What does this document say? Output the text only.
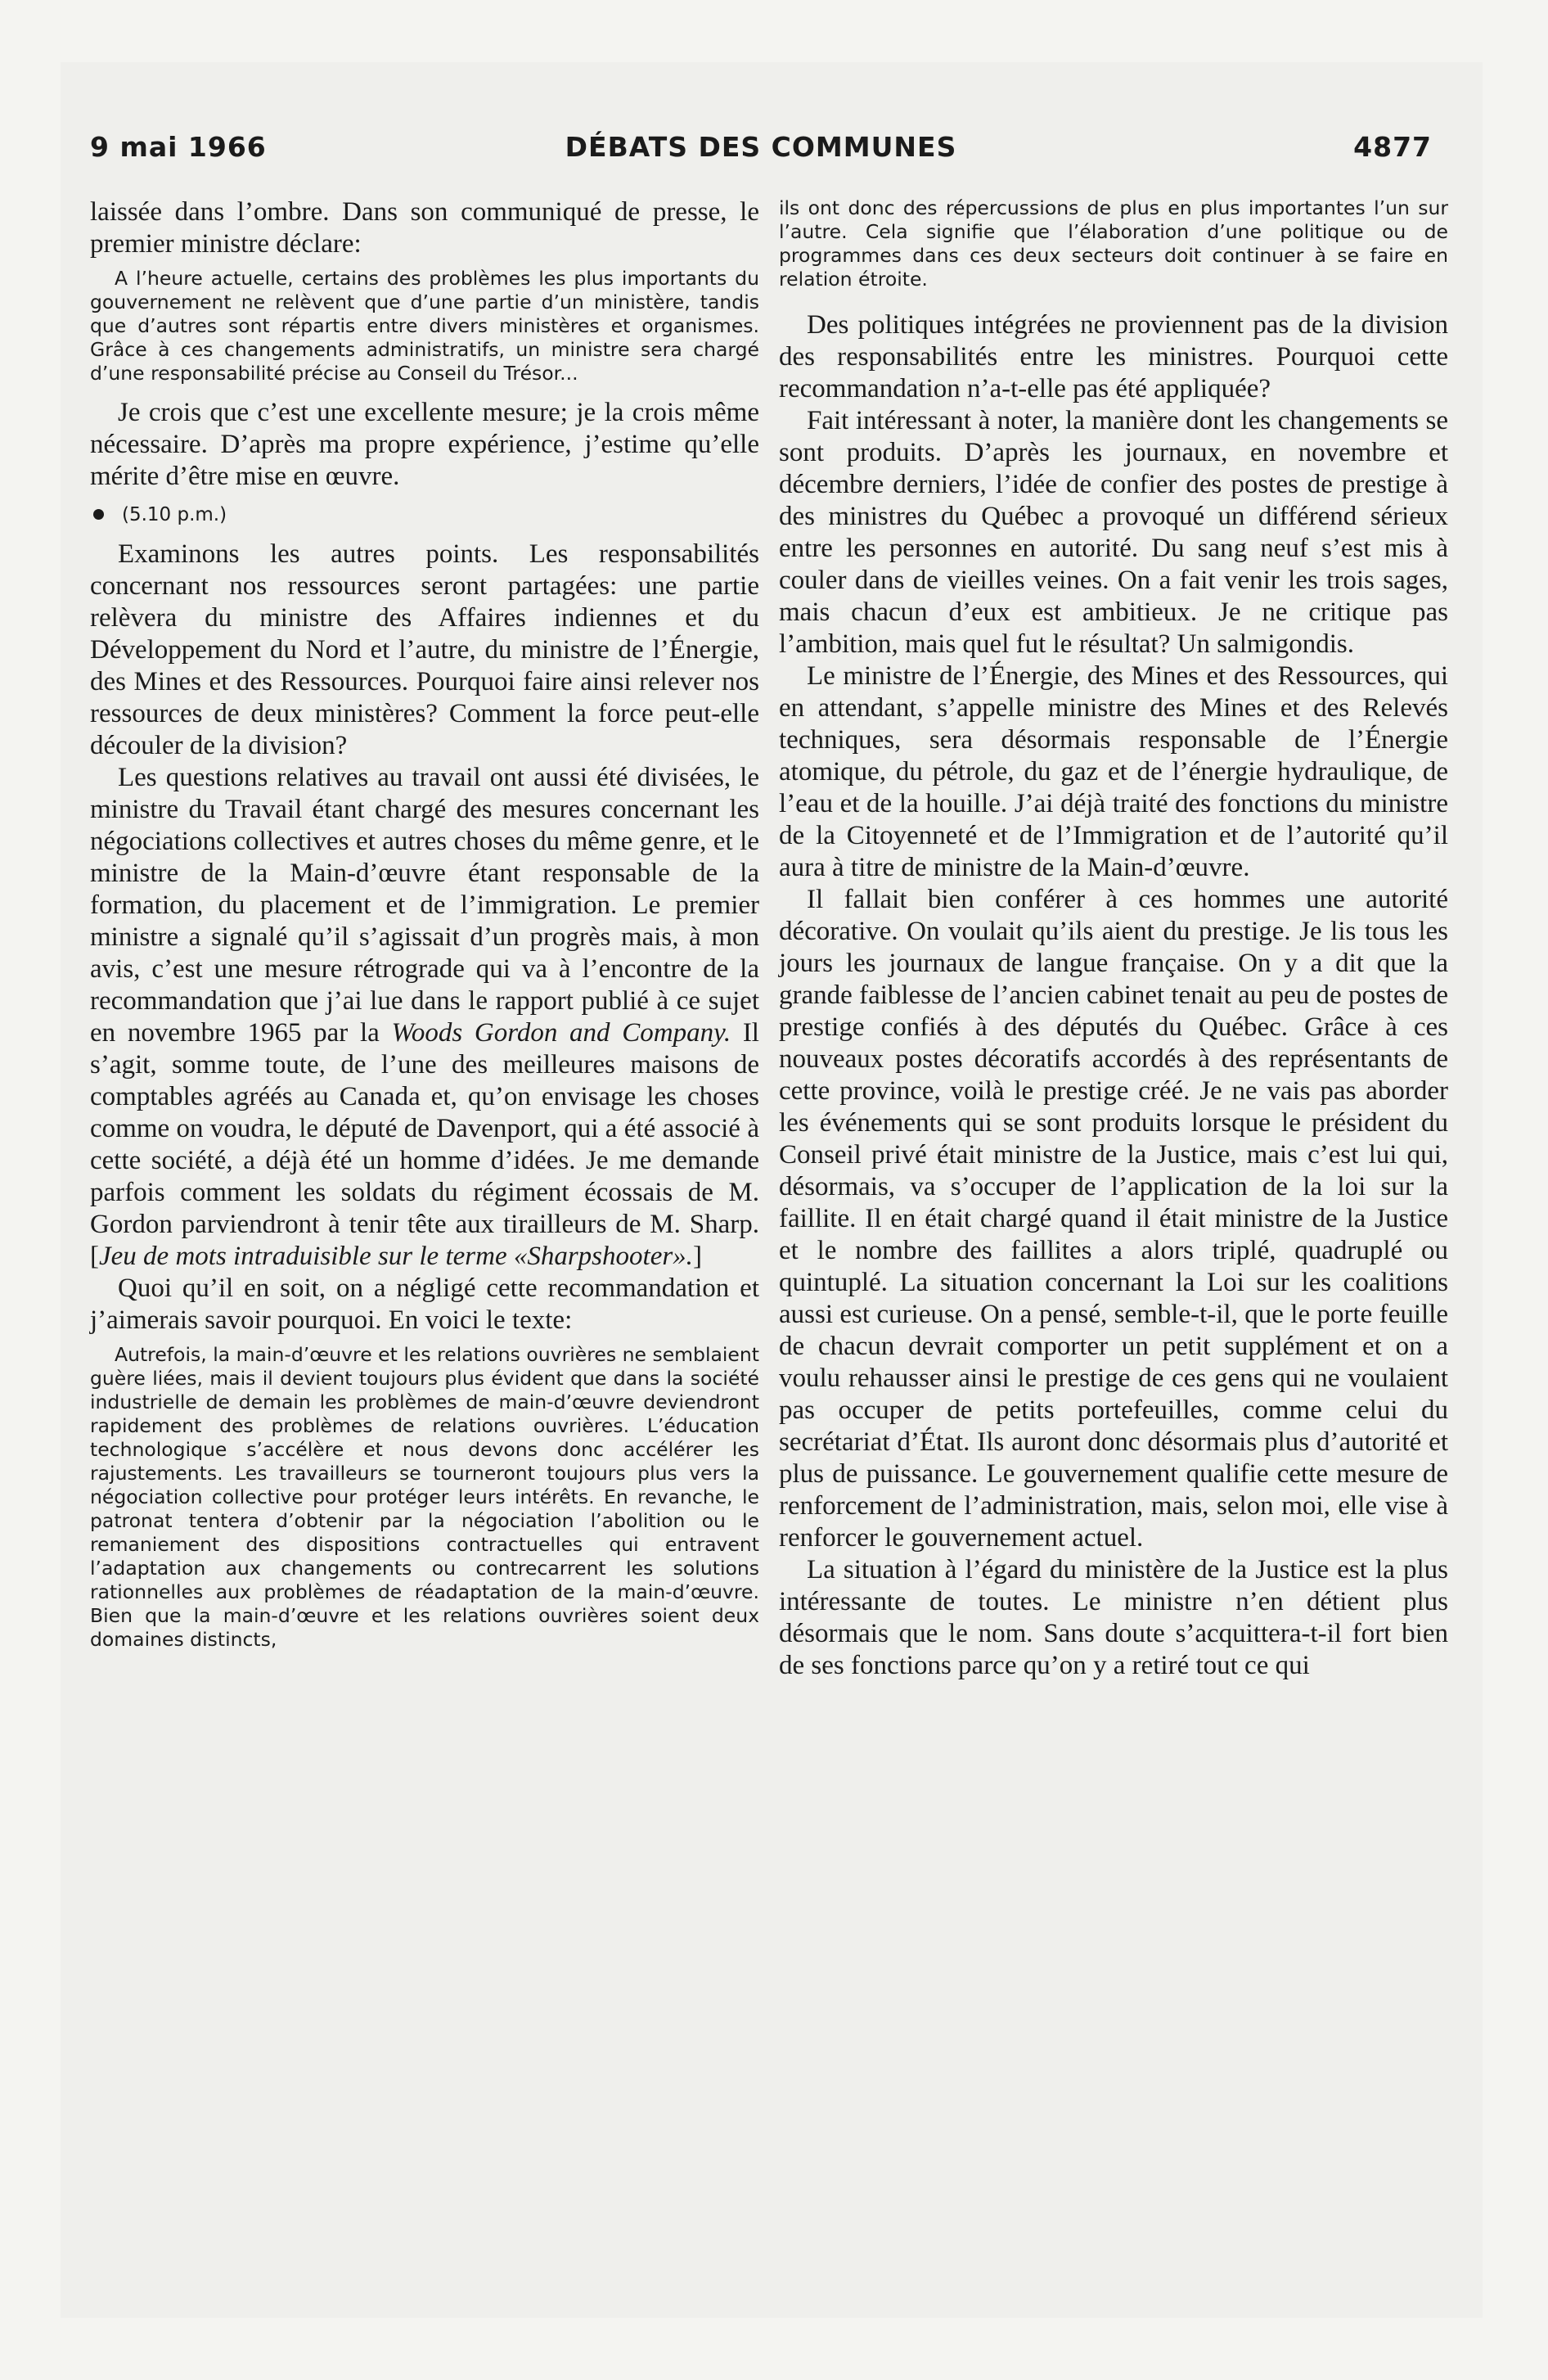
9 mai 1966	DÉBATS DES COMMUNES	4877

laissée dans l’ombre. Dans son communiqué de presse, le premier ministre déclare:

A l’heure actuelle, certains des problèmes les plus importants du gouvernement ne relèvent que d’une partie d’un ministère, tandis que d’autres sont répartis entre divers ministères et organismes. Grâce à ces changements administratifs, un ministre sera chargé d’une responsabilité précise au Conseil du Trésor...

Je crois que c’est une excellente mesure; je la crois même nécessaire. D’après ma propre expérience, j’estime qu’elle mérite d’être mise en œuvre.

(5.10 p.m.)

Examinons les autres points. Les responsabilités concernant nos ressources seront partagées: une partie relèvera du ministre des Affaires indiennes et du Développement du Nord et l’autre, du ministre de l’Énergie, des Mines et des Ressources. Pourquoi faire ainsi relever nos ressources de deux ministères? Comment la force peut-elle découler de la division?

Les questions relatives au travail ont aussi été divisées, le ministre du Travail étant chargé des mesures concernant les négociations collectives et autres choses du même genre, et le ministre de la Main-d’œuvre étant responsable de la formation, du placement et de l’immigration. Le premier ministre a signalé qu’il s’agissait d’un progrès mais, à mon avis, c’est une mesure rétrograde qui va à l’encontre de la recommandation que j’ai lue dans le rapport publié à ce sujet en novembre 1965 par la Woods Gordon and Company. Il s’agit, somme toute, de l’une des meilleures maisons de comptables agréés au Canada et, qu’on envisage les choses comme on voudra, le député de Davenport, qui a été associé à cette société, a déjà été un homme d’idées. Je me demande parfois comment les soldats du régiment écossais de M. Gordon parviendront à tenir tête aux tirailleurs de M. Sharp. [Jeu de mots intraduisible sur le terme «Sharpshooter».]

Quoi qu’il en soit, on a négligé cette recommandation et j’aimerais savoir pourquoi. En voici le texte:

Autrefois, la main-d’œuvre et les relations ouvrières ne semblaient guère liées, mais il devient toujours plus évident que dans la société industrielle de demain les problèmes de main-d’œuvre deviendront rapidement des problèmes de relations ouvrières. L’éducation technologique s’accélère et nous devons donc accélérer les rajustements. Les travailleurs se tourneront toujours plus vers la négociation collective pour protéger leurs intérêts. En revanche, le patronat tentera d’obtenir par la négociation l’abolition ou le remaniement des dispositions contractuelles qui entravent l’adaptation aux changements ou contrecarrent les solutions rationnelles aux problèmes de réadaptation de la main-d’œuvre. Bien que la main-d’œuvre et les relations ouvrières soient deux domaines distincts,

ils ont donc des répercussions de plus en plus importantes l’un sur l’autre. Cela signifie que l’élaboration d’une politique ou de programmes dans ces deux secteurs doit continuer à se faire en relation étroite.

Des politiques intégrées ne proviennent pas de la division des responsabilités entre les ministres. Pourquoi cette recommandation n’a-t-elle pas été appliquée?

Fait intéressant à noter, la manière dont les changements se sont produits. D’après les journaux, en novembre et décembre derniers, l’idée de confier des postes de prestige à des ministres du Québec a provoqué un différend sérieux entre les personnes en autorité. Du sang neuf s’est mis à couler dans de vieilles veines. On a fait venir les trois sages, mais chacun d’eux est ambitieux. Je ne critique pas l’ambition, mais quel fut le résultat? Un salmigondis.

Le ministre de l’Énergie, des Mines et des Ressources, qui en attendant, s’appelle ministre des Mines et des Relevés techniques, sera désormais responsable de l’Énergie atomique, du pétrole, du gaz et de l’énergie hydraulique, de l’eau et de la houille. J’ai déjà traité des fonctions du ministre de la Citoyenneté et de l’Immigration et de l’autorité qu’il aura à titre de ministre de la Main-d’œuvre.

Il fallait bien conférer à ces hommes une autorité décorative. On voulait qu’ils aient du prestige. Je lis tous les jours les journaux de langue française. On y a dit que la grande faiblesse de l’ancien cabinet tenait au peu de postes de prestige confiés à des députés du Québec. Grâce à ces nouveaux postes décoratifs accordés à des représentants de cette province, voilà le prestige créé. Je ne vais pas aborder les événements qui se sont produits lorsque le président du Conseil privé était ministre de la Justice, mais c’est lui qui, désormais, va s’occuper de l’application de la loi sur la faillite. Il en était chargé quand il était ministre de la Justice et le nombre des faillites a alors triplé, quadruplé ou quintuplé. La situation concernant la Loi sur les coalitions aussi est curieuse. On a pensé, semble-t-il, que le porte feuille de chacun devrait comporter un petit supplément et on a voulu rehausser ainsi le prestige de ces gens qui ne voulaient pas occuper de petits portefeuilles, comme celui du secrétariat d’État. Ils auront donc désormais plus d’autorité et plus de puissance. Le gouvernement qualifie cette mesure de renforcement de l’administration, mais, selon moi, elle vise à renforcer le gouvernement actuel.

La situation à l’égard du ministère de la Justice est la plus intéressante de toutes. Le ministre n’en détient plus désormais que le nom. Sans doute s’acquittera-t-il fort bien de ses fonctions parce qu’on y a retiré tout ce qui
